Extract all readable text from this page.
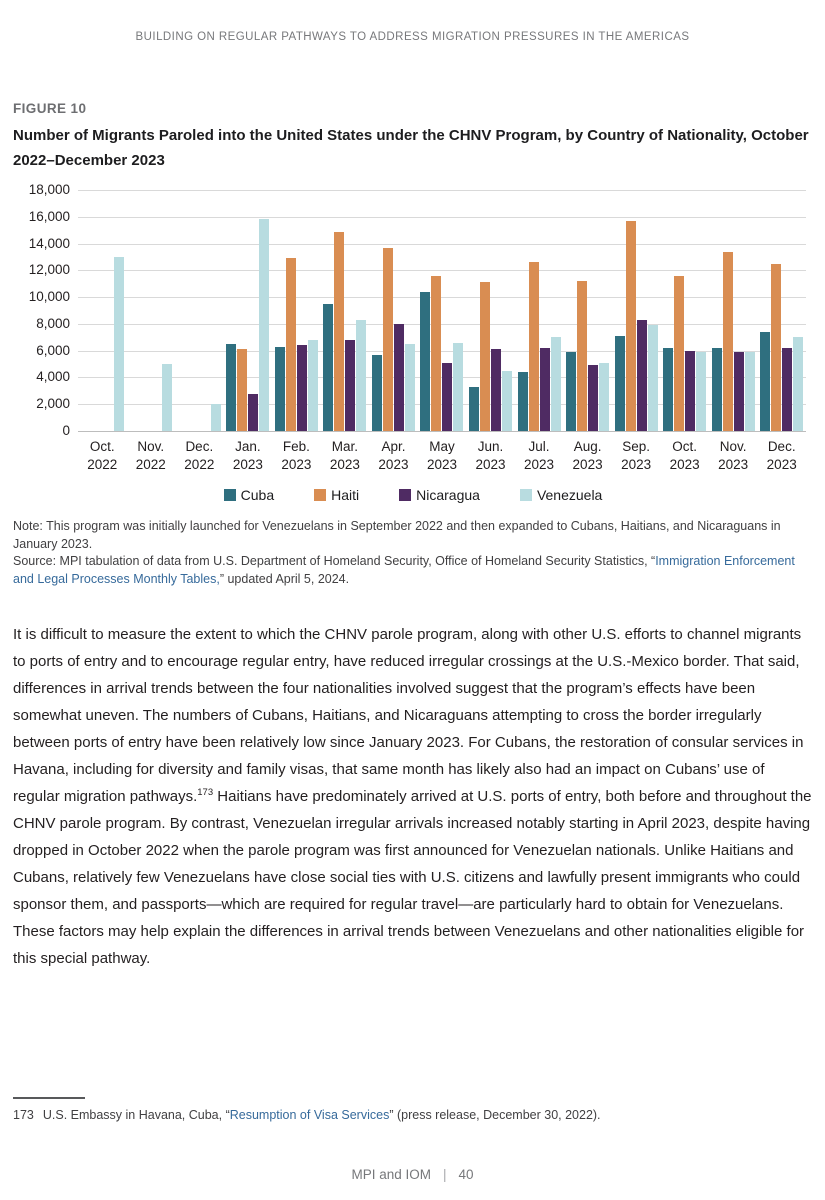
BUILDING ON REGULAR PATHWAYS TO ADDRESS MIGRATION PRESSURES IN THE AMERICAS
FIGURE 10
Number of Migrants Paroled into the United States under the CHNV Program, by Country of Nationality, October 2022–December 2023
0
2,000
4,000
6,000
8,000
10,000
12,000
14,000
16,000
18,000
Oct.
2022
Nov.
2022
Dec.
2022
Jan.
2023
Feb.
2023
Mar.
2023
Apr.
2023
May
2023
Jun.
2023
Jul.
2023
Aug.
2023
Sep.
2023
Oct.
2023
Nov.
2023
Dec.
2023
Cuba	Haiti	Nicaragua	Venezuela

Note: This program was initially launched for Venezuelans in September 2022 and then expanded to Cubans, Haitians, and Nicaraguans in January 2023.

Source: MPI tabulation of data from U.S. Department of Homeland Security, Office of Homeland Security Statistics, “Immigration Enforcement and Legal Processes Monthly Tables,” updated April 5, 2024.

It is difficult to measure the extent to which the CHNV parole program, along with other U.S. efforts to channel migrants to ports of entry and to encourage regular entry, have reduced irregular crossings at the U.S.-Mexico border. That said, differences in arrival trends between the four nationalities involved suggest that the program’s effects have been somewhat uneven. The numbers of Cubans, Haitians, and Nicaraguans attempting to cross the border irregularly between ports of entry have been relatively low since January 2023. For Cubans, the restoration of consular services in Havana, including for diversity and family visas, that same month has likely also had an impact on Cubans’ use of regular migration pathways.$^{173}$ Haitians have predominately arrived at U.S. ports of entry, both before and throughout the CHNV parole program. By contrast, Venezuelan irregular arrivals increased notably starting in April 2023, despite having dropped in October 2022 when the parole program was first announced for Venezuelan nationals. Unlike Haitians and Cubans, relatively few Venezuelans have close social ties with U.S. citizens and lawfully present immigrants who could sponsor them, and passports—which are required for regular travel—are particularly hard to obtain for Venezuelans. These factors may help explain the differences in arrival trends between Venezuelans and other nationalities eligible for this special pathway.

173 U.S. Embassy in Havana, Cuba, “Resumption of Visa Services” (press release, December 30, 2022).

MPI and IOM | 40
